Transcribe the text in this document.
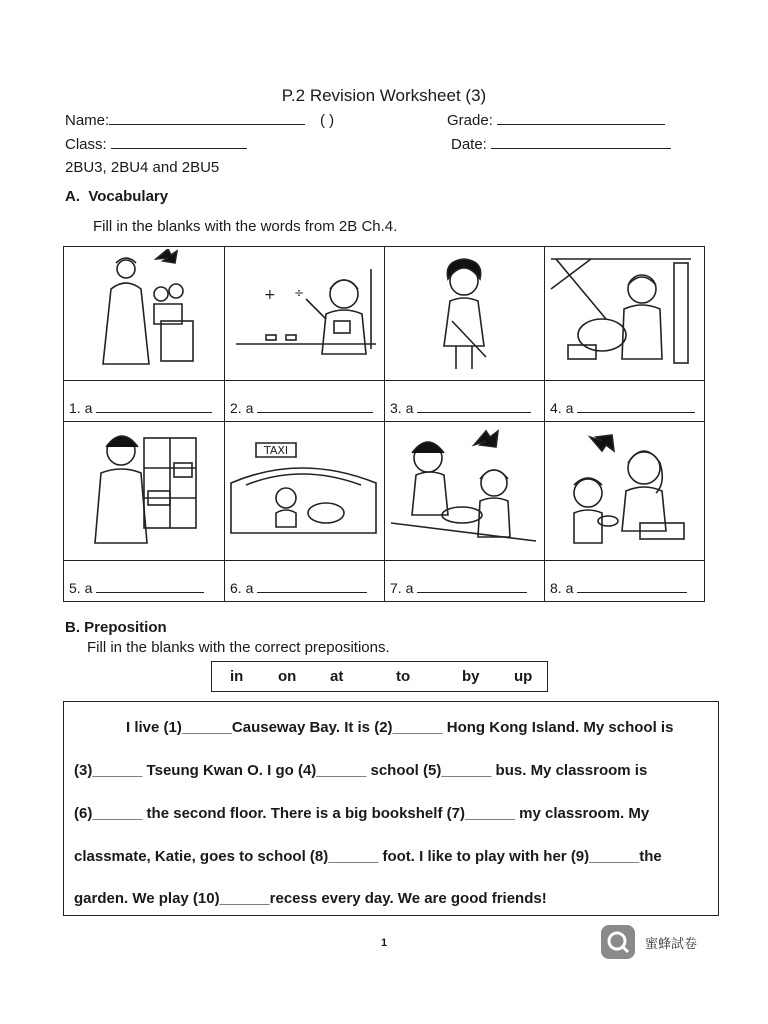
P.2 Revision Worksheet (3)
Name:	( )	Grade:
Class:	Date:
2BU3, 2BU4 and 2BU5
A. Vocabulary
Fill in the blanks with the words from 2B Ch.4.
+ ÷
1. a	2. a	3. a	4. a
TAXI
5. a	6. a	7. a	8. a
B. Preposition
Fill in the blanks with the correct prepositions.
in on at	to	by up
I live (1)______Causeway Bay. It is (2)______ Hong Kong Island. My school is
(3)______ Tseung Kwan O. I go (4)______ school (5)______ bus. My classroom is
(6)______ the second floor. There is a big bookshelf (7)______ my classroom. My
classmate, Katie, goes to school (8)______ foot. I like to play with her (9)______the
garden. We play (10)______recess every day. We are good friends!
1	蜜蜂試卷
